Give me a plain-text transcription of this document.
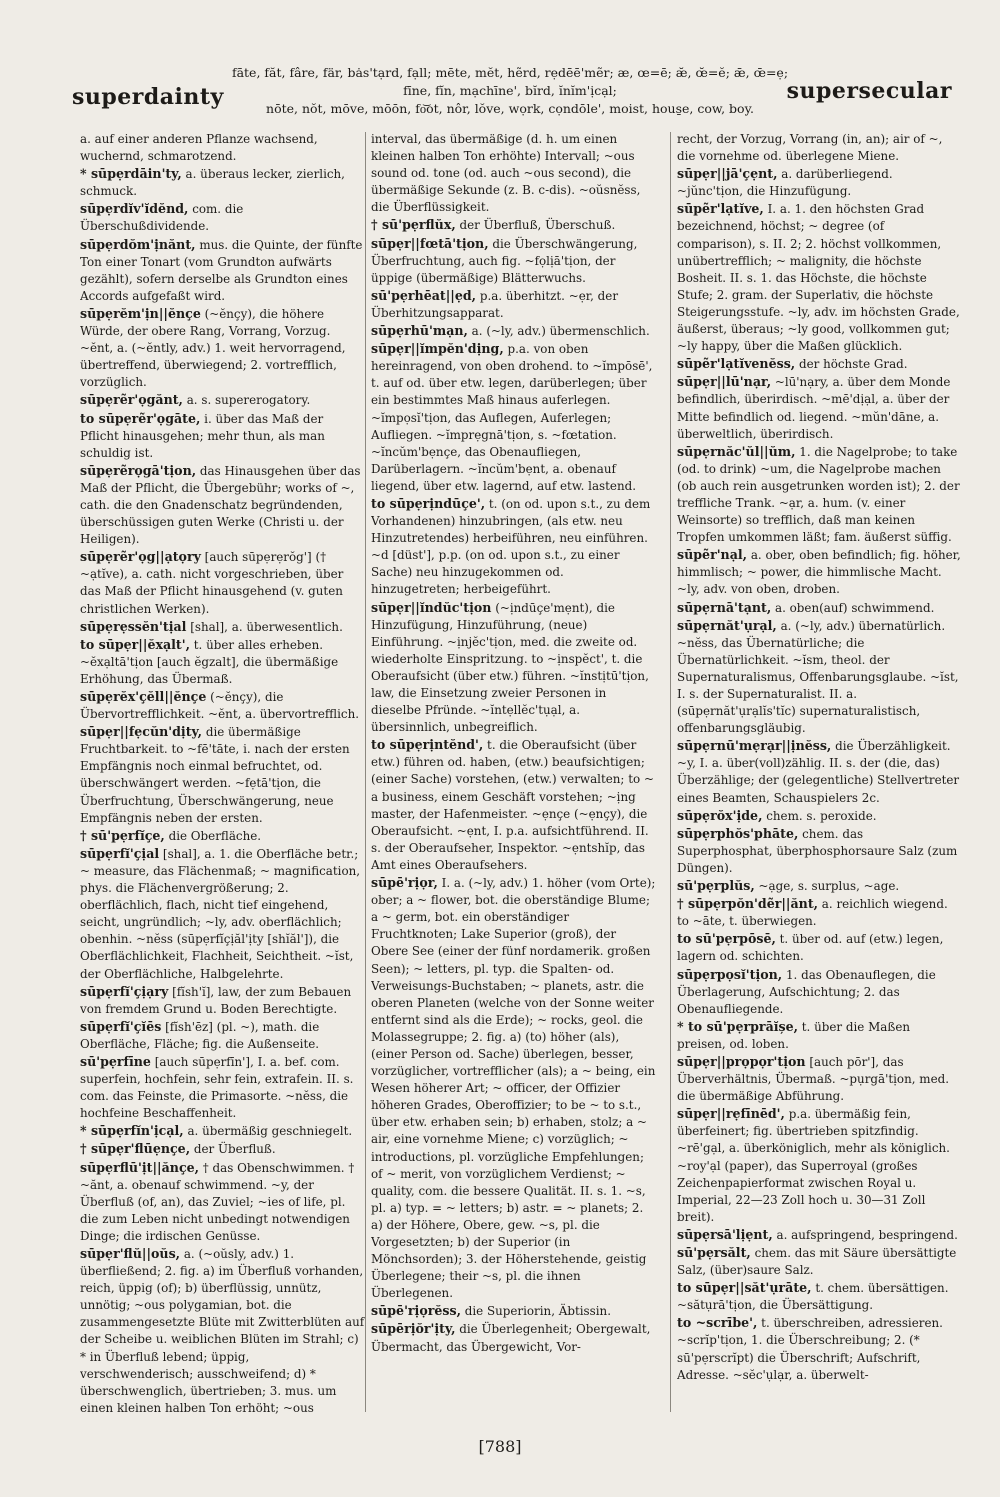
superdainty
fāte, făt, fâre, fär, bȧs'tạrd, fạll; mēte, mĕt, hẽrd, rẹdēē'mẽr; æ, œ=ē; æ̆, œ̆=ĕ; ǣ, œ̄=ẹ;
fīne, fĭn, mạchīne', bĭrd, ĭnĭm'ịcạl;
nōte, nŏt, mōve, mōōn, fo͝ot, nôr, lŏve, wọrk, cọndōle', moist, hous̱e, cow, boy.
supersecular

a. auf einer anderen Pflanze wachsend, wuchernd, schmarotzend.

* sūpẹrdāin'ty, a. überaus lecker, zierlich, schmuck.

sūpẹrdĭv'ĭdĕnd, com. die Überschußdividende.

sūpẹrdŏm'ịnănt, mus. die Quinte, der fünfte Ton einer Tonart (vom Grundton aufwärts gezählt), sofern derselbe als Grundton eines Accords aufgefaßt wird.

sūpẹrĕm'ịn||ĕnçe (~ĕnçy), die höhere Würde, der obere Rang, Vorrang, Vorzug. ~ĕnt, a. (~ĕntly, adv.) 1. weit hervorragend, übertreffend, überwiegend; 2. vortrefflich, vorzüglich.

sūpẹrẽr'ọgănt, a. s. supererogatory.

to sūpẹrẽr'ọgāte, i. über das Maß der Pflicht hinausgehen; mehr thun, als man schuldig ist.

sūpẹrẽrọgā'tịon, das Hinausgehen über das Maß der Pflicht, die Übergebühr; works of ~, cath. die den Gnadenschatz begründenden, überschüssigen guten Werke (Christi u. der Heiligen).

sūpẹrẽr'ọg||ạtọry [auch sūpẹrẹrŏg'] († ~ạtĭve), a. cath. nicht vorgeschrieben, über das Maß der Pflicht hinausgehend (v. guten christlichen Werken).

sūpẹrẹssĕn'tịal [shal], a. überwesentlich.

to sūpẹr||ĕxạlt', t. über alles erheben. ~ĕxạltā'tịon [auch ĕgzalt], die übermäßige Erhöhung, das Übermaß.

sūpẹrĕx'çĕll||ĕnçe (~ĕnçy), die Übervortrefflichkeit. ~ĕnt, a. übervortrefflich.

sūpẹr||fẹcŭn'dịty, die übermäßige Fruchtbarkeit. to ~fē'tāte, i. nach der ersten Empfängnis noch einmal befruchtet, od. überschwängert werden. ~fẹtā'tịon, die Überfruchtung, Überschwängerung, neue Empfängnis neben der ersten.

† sū'pẹrfĭçe, die Oberfläche.

sūpẹrfĭ'çịal [shal], a. 1. die Oberfläche betr.; ~ measure, das Flächenmaß; ~ magnification, phys. die Flächenvergrößerung; 2. oberflächlich, flach, nicht tief eingehend, seicht, ungründlich; ~ly, adv. oberflächlich; obenhin. ~nĕss (sūpẹrfĭçịăl'ịty [shĭăl']), die Oberflächlichkeit, Flachheit, Seichtheit. ~ĭst, der Oberflächliche, Halbgelehrte.

sūpẹrfĭ'çịạry [fĭsh'ĭ], law, der zum Bebauen von fremdem Grund u. Boden Berechtigte.

sūpẹrfĭ'çĭēs [fĭsh'ēz] (pl. ~), math. die Oberfläche, Fläche; fig. die Außenseite.

sū'pẹrfīne [auch sūpẹrfīn'], I. a. bef. com. superfein, hochfein, sehr fein, extrafein. II. s. com. das Feinste, die Primasorte. ~nĕss, die hochfeine Beschaffenheit.

* sūpẹrfĭn'ịcạl, a. übermäßig geschniegelt.

† sūpẹr'flūẹnçe, der Überfluß.

sūpẹrflū'ịt||ănçe, † das Obenschwimmen. † ~ănt, a. obenauf schwimmend. ~y, der Überfluß (of, an), das Zuviel; ~ies of life, pl. die zum Leben nicht unbedingt notwendigen Dinge; die irdischen Genüsse.

sūpẹr'flŭ||oŭs, a. (~oŭsly, adv.) 1. überfließend; 2. fig. a) im Überfluß vorhanden, reich, üppig (of); b) überflüssig, unnütz, unnötig; ~ous polygamian, bot. die zusammengesetzte Blüte mit Zwitterblüten auf der Scheibe u. weiblichen Blüten im Strahl; c) * in Überfluß lebend; üppig, verschwenderisch; ausschweifend; d) * überschwenglich, übertrieben; 3. mus. um einen kleinen halben Ton erhöht; ~ous

interval, das übermäßige (d. h. um einen kleinen halben Ton erhöhte) Intervall; ~ous sound od. tone (od. auch ~ous second), die übermäßige Sekunde (z. B. c-dis). ~oŭsnĕss, die Überflüssigkeit.

† sū'pẹrflŭx, der Überfluß, Überschuß.

sūpẹr||fœtā'tịon, die Überschwängerung, Überfruchtung, auch fig. ~fọlịā'tịon, der üppige (übermäßige) Blätterwuchs.

sū'pẹrhēat||ẹd, p.a. überhitzt. ~ẹr, der Überhitzungsapparat.

sūpẹrhū'mạn, a. (~ly, adv.) übermenschlich.

sūpẹr||ĭmpĕn'dịng, p.a. von oben hereinragend, von oben drohend. to ~ĭmpōsē', t. auf od. über etw. legen, darüberlegen; über ein bestimmtes Maß hinaus auferlegen. ~ĭmpọsĭ'tịon, das Auflegen, Auferlegen; Aufliegen. ~ĭmprẹgnā'tịon, s. ~fœtation. ~ĭncŭm'bẹnçe, das Obenaufliegen, Darüberlagern. ~ĭncŭm'bẹnt, a. obenauf liegend, über etw. lagernd, auf etw. lastend.

to sūpẹrịndūçe', t. (on od. upon s.t., zu dem Vorhandenen) hinzubringen, (als etw. neu Hinzutretendes) herbeiführen, neu einführen. ~d [düst'], p.p. (on od. upon s.t., zu einer Sache) neu hinzugekommen od. hinzugetreten; herbeigeführt.

sūpẹr||ĭndŭc'tịon (~ịndūçe'mẹnt), die Hinzufügung, Hinzuführung, (neue) Einführung. ~ịnjĕc'tịon, med. die zweite od. wiederholte Einspritzung. to ~ịnspĕct', t. die Oberaufsicht (über etw.) führen. ~ĭnstịtū'tịon, law, die Einsetzung zweier Personen in dieselbe Pfründe. ~ĭntẹllĕc'tụạl, a. übersinnlich, unbegreiflich.

to sūpẹrịntĕnd', t. die Oberaufsicht (über etw.) führen od. haben, (etw.) beaufsichtigen; (einer Sache) vorstehen, (etw.) verwalten; to ~ a business, einem Geschäft vorstehen; ~ịng master, der Hafenmeister. ~ẹnçe (~ẹnçy), die Oberaufsicht. ~ẹnt, I. p.a. aufsichtführend. II. s. der Oberaufseher, Inspektor. ~ẹntshĭp, das Amt eines Oberaufsehers.

sūpē'rịọr, I. a. (~ly, adv.) 1. höher (vom Orte); ober; a ~ flower, bot. die oberständige Blume; a ~ germ, bot. ein oberständiger Fruchtknoten; Lake Superior (groß), der Obere See (einer der fünf nordamerik. großen Seen); ~ letters, pl. typ. die Spalten- od. Verweisungs-Buchstaben; ~ planets, astr. die oberen Planeten (welche von der Sonne weiter entfernt sind als die Erde); ~ rocks, geol. die Molassegruppe; 2. fig. a) (to) höher (als), (einer Person od. Sache) überlegen, besser, vorzüglicher, vortrefflicher (als); a ~ being, ein Wesen höherer Art; ~ officer, der Offizier höheren Grades, Oberoffizier; to be ~ to s.t., über etw. erhaben sein; b) erhaben, stolz; a ~ air, eine vornehme Miene; c) vorzüglich; ~ introductions, pl. vorzügliche Empfehlungen; of ~ merit, von vorzüglichem Verdienst; ~ quality, com. die bessere Qualität. II. s. 1. ~s, pl. a) typ. = ~ letters; b) astr. = ~ planets; 2. a) der Höhere, Obere, gew. ~s, pl. die Vorgesetzten; b) der Superior (in Mönchsorden); 3. der Höherstehende, geistig Überlegene; their ~s, pl. die ihnen Überlegenen.

sūpē'rịọrĕss, die Superiorin, Äbtissin.

sūpērịŏr'ịty, die Überlegenheit; Obergewalt, Übermacht, das Übergewicht, Vor-

recht, der Vorzug, Vorrang (in, an); air of ~, die vornehme od. überlegene Miene.

sūpẹr||jā'çẹnt, a. darüberliegend. ~jŭnc'tịon, die Hinzufügung.

sūpẽr'lạtĭve, I. a. 1. den höchsten Grad bezeichnend, höchst; ~ degree (of comparison), s. II. 2; 2. höchst vollkommen, unübertrefflich; ~ malignity, die höchste Bosheit. II. s. 1. das Höchste, die höchste Stufe; 2. gram. der Superlativ, die höchste Steigerungsstufe. ~ly, adv. im höchsten Grade, äußerst, überaus; ~ly good, vollkommen gut; ~ly happy, über die Maßen glücklich.

sūpẽr'lạtĭvenĕss, der höchste Grad.

sūpẹr||lū'nạr, ~lū'nạry, a. über dem Monde befindlich, überirdisch. ~mē'dịạl, a. über der Mitte befindlich od. liegend. ~mŭn'dāne, a. überweltlich, überirdisch.

sūpẹrnăc'ŭl||ŭm, 1. die Nagelprobe; to take (od. to drink) ~um, die Nagelprobe machen (ob auch rein ausgetrunken worden ist); 2. der treffliche Trank. ~ạr, a. hum. (v. einer Weinsorte) so trefflich, daß man keinen Tropfen umkommen läßt; fam. äußerst süffig.

sūpẽr'nạl, a. ober, oben befindlich; fig. höher, himmlisch; ~ power, die himmlische Macht. ~ly, adv. von oben, droben.

sūpẹrnā'tạnt, a. oben(auf) schwimmend.

sūpẹrnăt'ụrạl, a. (~ly, adv.) übernatürlich. ~nĕss, das Übernatürliche; die Übernatürlichkeit. ~ĭsm, theol. der Supernaturalismus, Offenbarungsglaube. ~ĭst, I. s. der Supernaturalist. II. a. (sūpẹrnăt'ụrạlĭs'tĭc) supernaturalistisch, offenbarungsgläubig.

sūpẹrnū'mẹrạr||ịnĕss, die Überzähligkeit. ~y, I. a. über(voll)zählig. II. s. der (die, das) Überzählige; der (gelegentliche) Stellvertreter eines Beamten, Schauspielers 2c.

sūpẹrŏx'ịde, chem. s. peroxide.

sūpẹrphŏs'phāte, chem. das Superphosphat, überphosphorsaure Salz (zum Düngen).

sū'pẹrplŭs, ~ạge, s. surplus, ~age.

† sūpẹrpŏn'dẽr||ănt, a. reichlich wiegend. to ~āte, t. überwiegen.

to sū'pẹrpōsē, t. über od. auf (etw.) legen, lagern od. schichten.

sūpẹrpọsĭ'tịon, 1. das Obenauflegen, die Überlagerung, Aufschichtung; 2. das Obenaufliegende.

* to sū'pẹrprāĭșe, t. über die Maßen preisen, od. loben.

sūpẹr||prọpọr'tịon [auch pōr'], das Überverhältnis, Übermaß. ~pụrgā'tịon, med. die übermäßige Abführung.

sūpẹr||rẹfīnēd', p.a. übermäßig fein, überfeinert; fig. übertrieben spitzfindig. ~rē'gạl, a. überköniglich, mehr als königlich. ~roy'ạl (paper), das Superroyal (großes Zeichenpapierformat zwischen Royal u. Imperial, 22—23 Zoll hoch u. 30—31 Zoll breit).

sūpẹrsā'lịẹnt, a. aufspringend, bespringend.

sū'pẹrsălt, chem. das mit Säure übersättigte Salz, (über)saure Salz.

to sūpẹr||săt'ụrāte, t. chem. übersättigen. ~sătụrā'tịon, die Übersättigung.

to ~scrībe', t. überschreiben, adressieren. ~scrĭp'tịon, 1. die Überschreibung; 2. (* sū'pẹrscrĭpt) die Überschrift; Aufschrift, Adresse. ~sĕc'ụlạr, a. überwelt-

[788]
